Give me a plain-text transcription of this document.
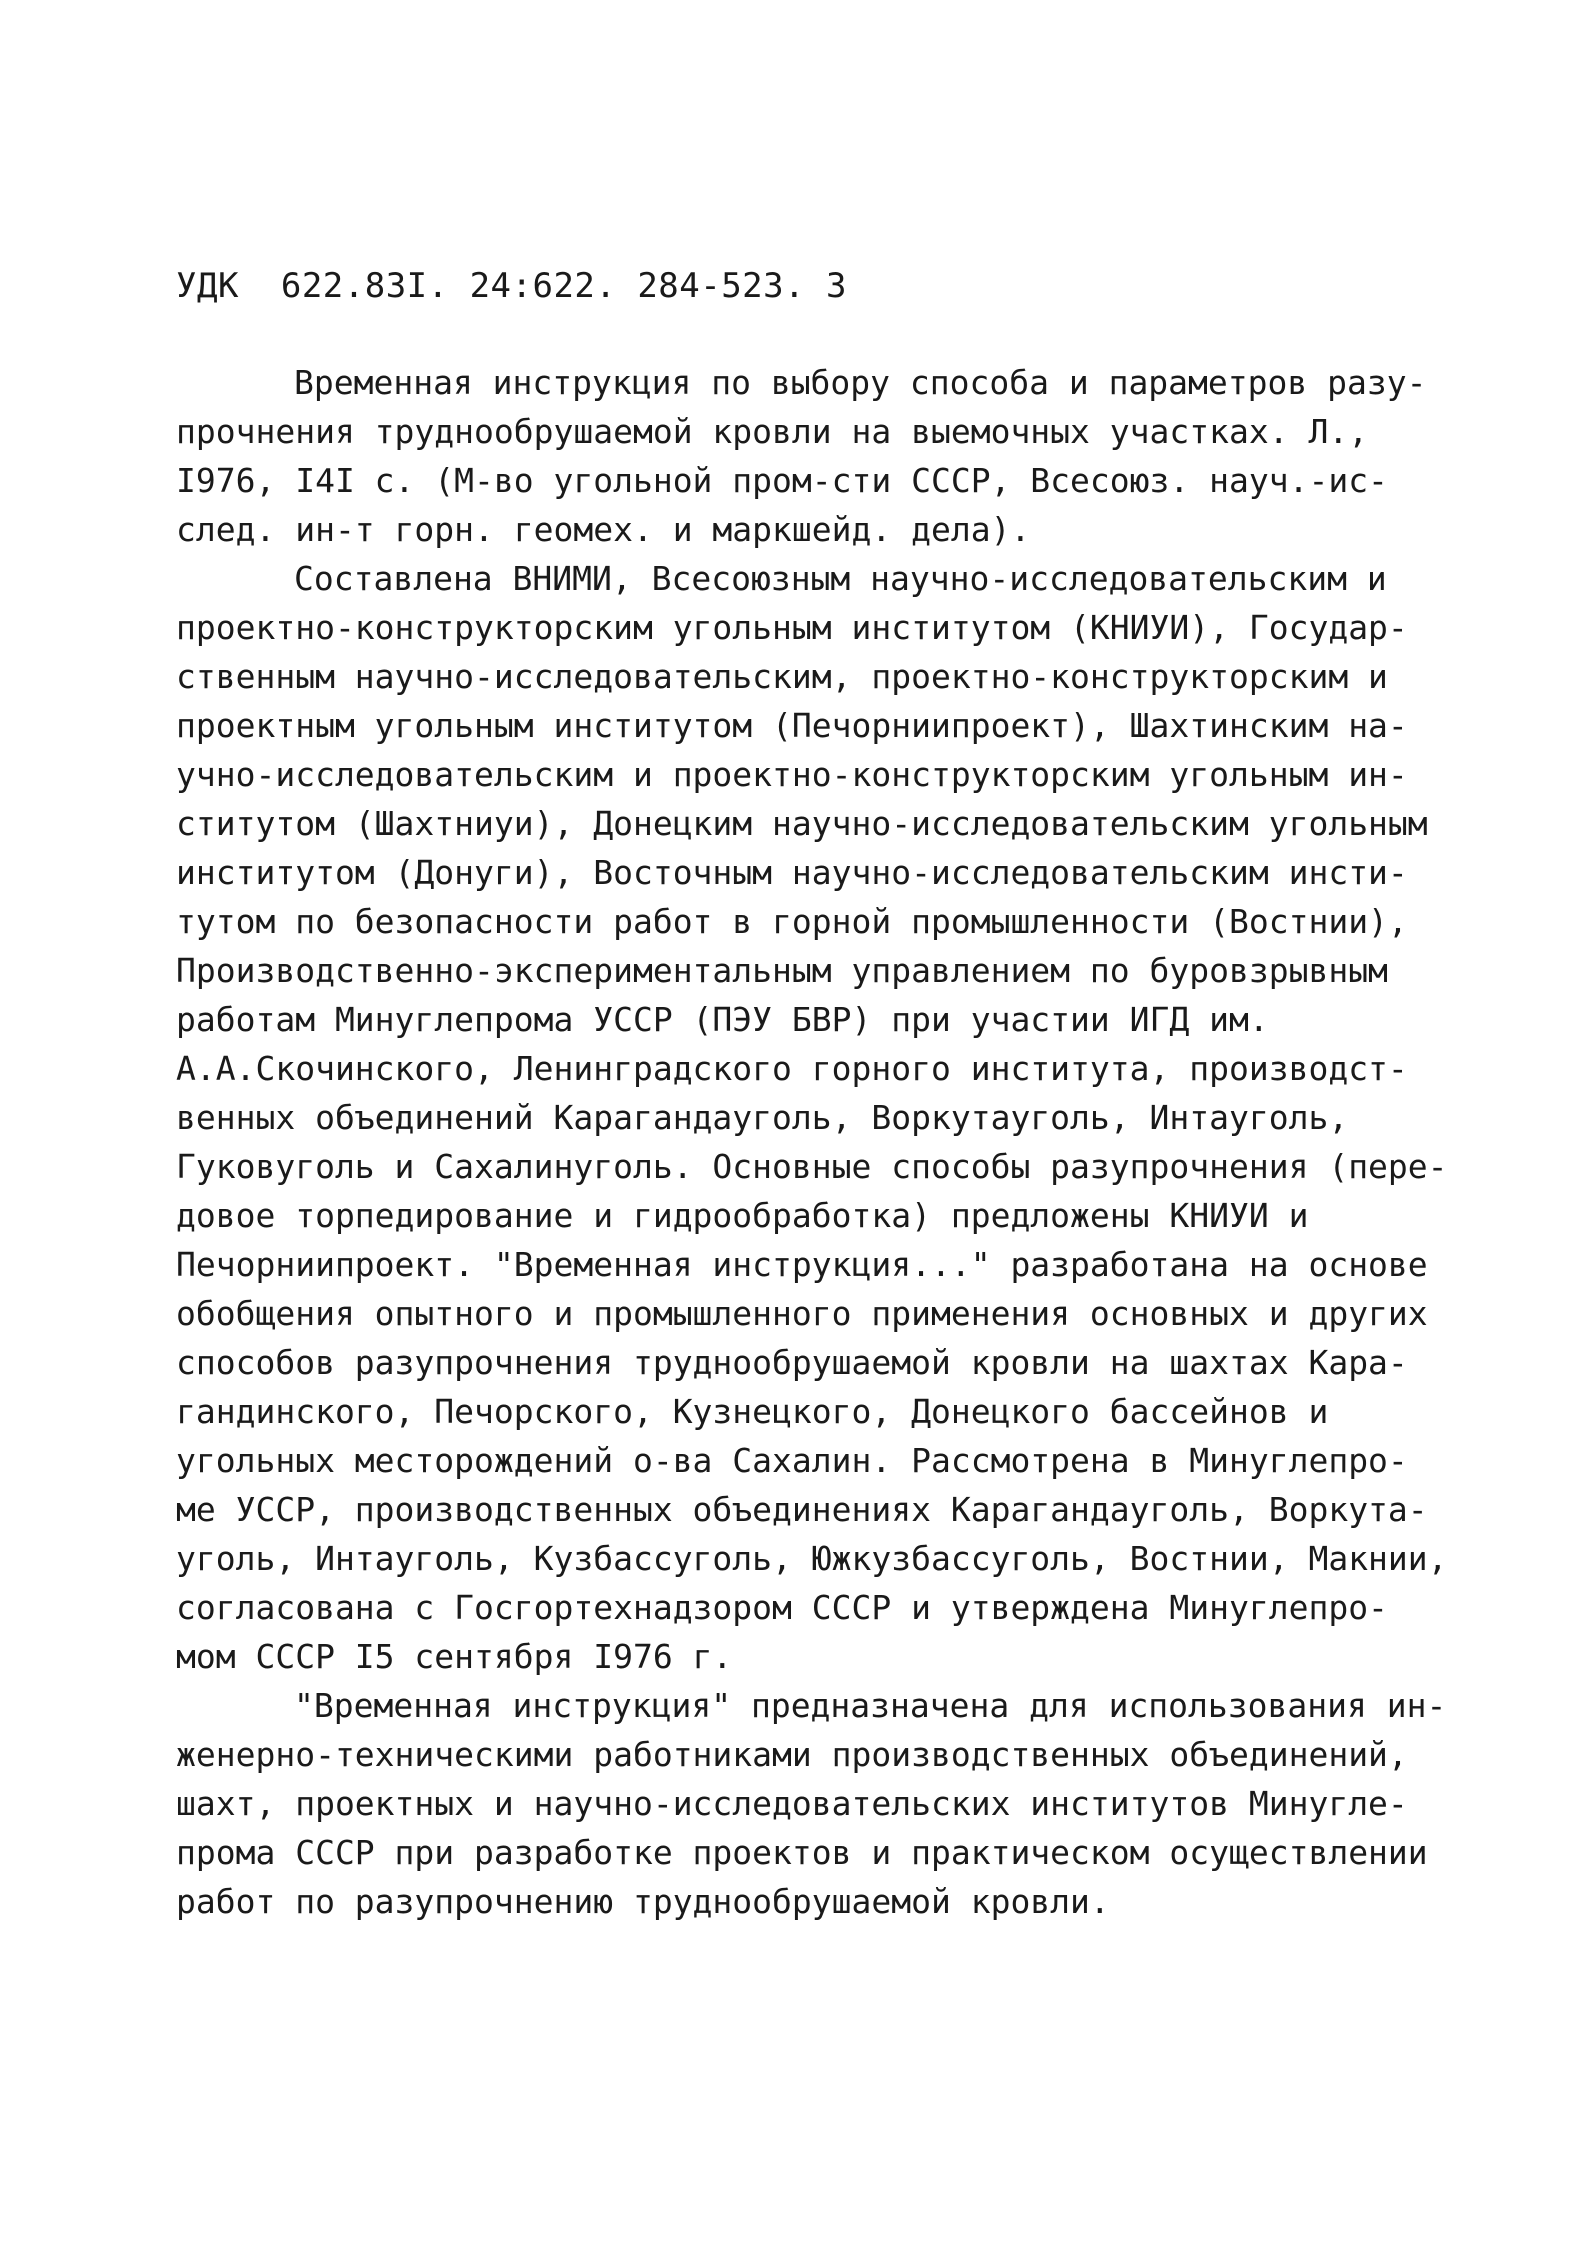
УДК  622.83I. 24:622. 284-523. 3
Временная инструкция по выбору способа и параметров разу-
прочнения труднообрушаемой кровли на выемочных участках. Л.,
I976, I4I с. (М-во угольной пром-сти СССР, Всесоюз. науч.-ис-
след. ин-т горн. геомех. и маркшейд. дела).
Составлена ВНИМИ, Всесоюзным научно-исследовательским и
проектно-конструкторским угольным институтом (КНИУИ), Государ-
ственным научно-исследовательским, проектно-конструкторским и
проектным угольным институтом (Печорниипроект), Шахтинским на-
учно-исследовательским и проектно-конструкторским угольным ин-
ститутом (Шахтниуи), Донецким научно-исследовательским угольным
институтом (Донуги), Восточным научно-исследовательским инсти-
тутом по безопасности работ в горной промышленности (Востнии),
Производственно-экспериментальным управлением по буровзрывным
работам Минуглепрома УССР (ПЭУ БВР) при участии ИГД им.
А.А.Скочинского, Ленинградского горного института, производст-
венных объединений Карагандауголь, Воркутауголь, Интауголь,
Гуковуголь и Сахалинуголь. Основные способы разупрочнения (пере-
довое торпедирование и гидрообработка) предложены КНИУИ и
Печорниипроект. "Временная инструкция..." разработана на основе
обобщения опытного и промышленного применения основных и других
способов разупрочнения труднообрушаемой кровли на шахтах Кара-
гандинского, Печорского, Кузнецкого, Донецкого бассейнов и
угольных месторождений о-ва Сахалин. Рассмотрена в Минуглепро-
ме УССР, производственных объединениях Карагандауголь, Воркута-
уголь, Интауголь, Кузбассуголь, Южкузбассуголь, Востнии, Макнии,
согласована с Госгортехнадзором СССР и утверждена Минуглепро-
мом СССР I5 сентября I976 г.
"Временная инструкция" предназначена для использования ин-
женерно-техническими работниками производственных объединений,
шахт, проектных и научно-исследовательских институтов Минугле-
прома СССР при разработке проектов и практическом осуществлении
работ по разупрочнению труднообрушаемой кровли.
